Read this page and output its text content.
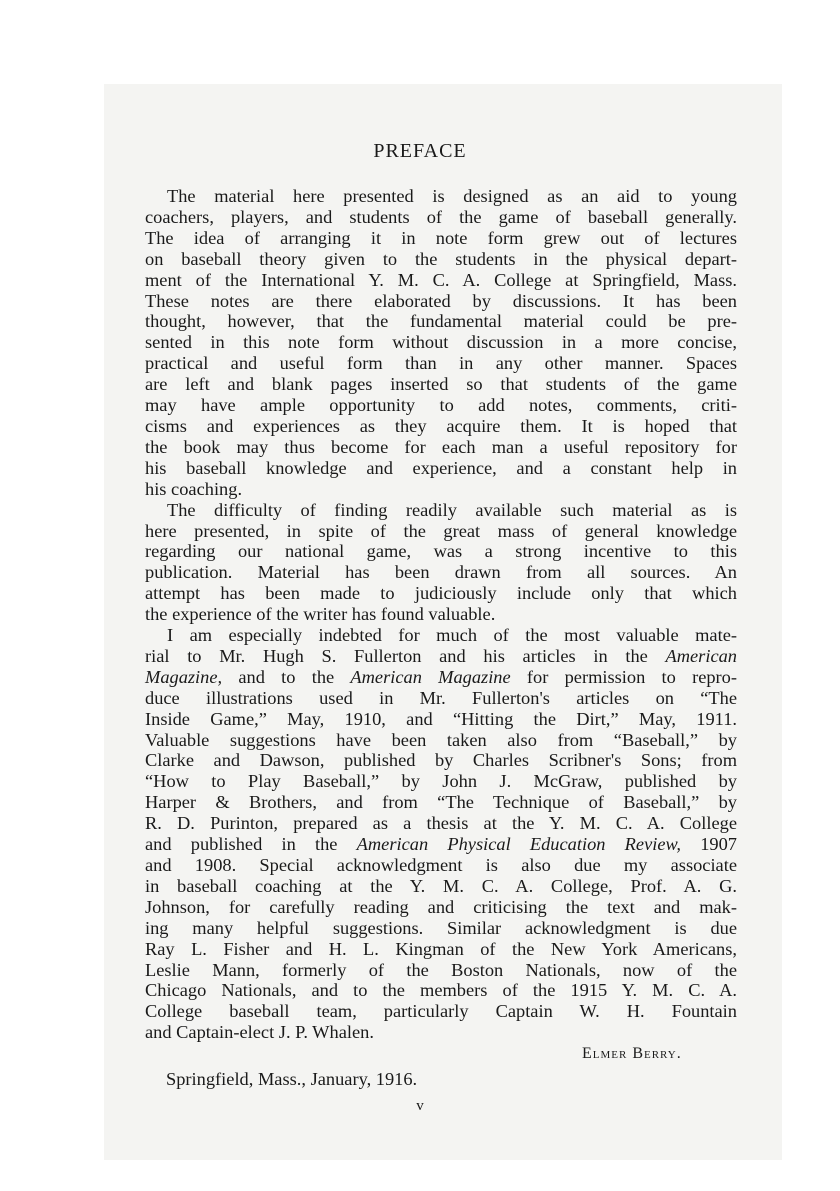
PREFACE

The material here presented is designed as an aid to young
coachers, players, and students of the game of baseball generally.
The idea of arranging it in note form grew out of lectures
on baseball theory given to the students in the physical depart-
ment of the International Y. M. C. A. College at Springfield, Mass.
These notes are there elaborated by discussions. It has been
thought, however, that the fundamental material could be pre-
sented in this note form without discussion in a more concise,
practical and useful form than in any other manner. Spaces
are left and blank pages inserted so that students of the game
may have ample opportunity to add notes, comments, criti-
cisms and experiences as they acquire them. It is hoped that
the book may thus become for each man a useful repository for
his baseball knowledge and experience, and a constant help in
his coaching.

The difficulty of finding readily available such material as is
here presented, in spite of the great mass of general knowledge
regarding our national game, was a strong incentive to this
publication. Material has been drawn from all sources. An
attempt has been made to judiciously include only that which
the experience of the writer has found valuable.

I am especially indebted for much of the most valuable mate-
rial to Mr. Hugh S. Fullerton and his articles in the American
Magazine, and to the American Magazine for permission to repro-
duce illustrations used in Mr. Fullerton's articles on “The
Inside Game,” May, 1910, and “Hitting the Dirt,” May, 1911.
Valuable suggestions have been taken also from “Baseball,” by
Clarke and Dawson, published by Charles Scribner's Sons; from
“How to Play Baseball,” by John J. McGraw, published by
Harper & Brothers, and from “The Technique of Baseball,” by
R. D. Purinton, prepared as a thesis at the Y. M. C. A. College
and published in the American Physical Education Review, 1907
and 1908. Special acknowledgment is also due my associate
in baseball coaching at the Y. M. C. A. College, Prof. A. G.
Johnson, for carefully reading and criticising the text and mak-
ing many helpful suggestions. Similar acknowledgment is due
Ray L. Fisher and H. L. Kingman of the New York Americans,
Leslie Mann, formerly of the Boston Nationals, now of the
Chicago Nationals, and to the members of the 1915 Y. M. C. A.
College baseball team, particularly Captain W. H. Fountain
and Captain-elect J. P. Whalen.

Elmer Berry.
Springfield, Mass., January, 1916.
v
